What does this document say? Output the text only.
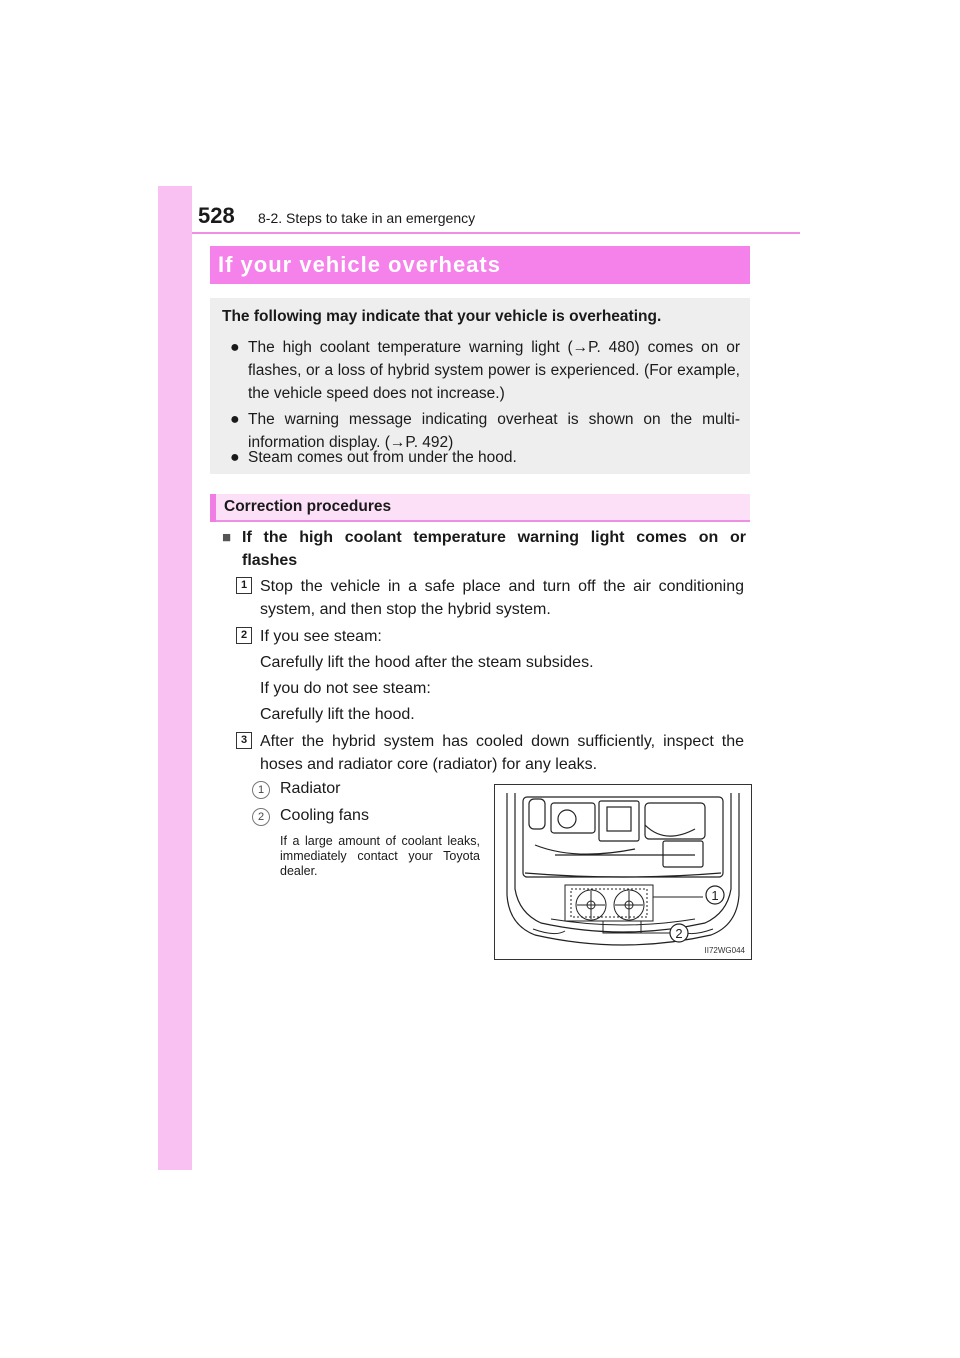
528 8-2. Steps to take in an emergency
If your vehicle overheats
The following may indicate that your vehicle is overheating.
● The high coolant temperature warning light (→P. 480) comes on or flashes, or a loss of hybrid system power is experienced. (For example, the vehicle speed does not increase.)
● The warning message indicating overheat is shown on the multi-information display. (→P. 492)
● Steam comes out from under the hood.
Correction procedures
■ If the high coolant temperature warning light comes on or flashes
1 Stop the vehicle in a safe place and turn off the air conditioning system, and then stop the hybrid system.
2 If you see steam:
Carefully lift the hood after the steam subsides.
If you do not see steam:
Carefully lift the hood.
3 After the hybrid system has cooled down sufficiently, inspect the hoses and radiator core (radiator) for any leaks.
1 Radiator
2 Cooling fans
If a large amount of coolant leaks, immediately contact your Toyota dealer.
1
2
II72WG044
